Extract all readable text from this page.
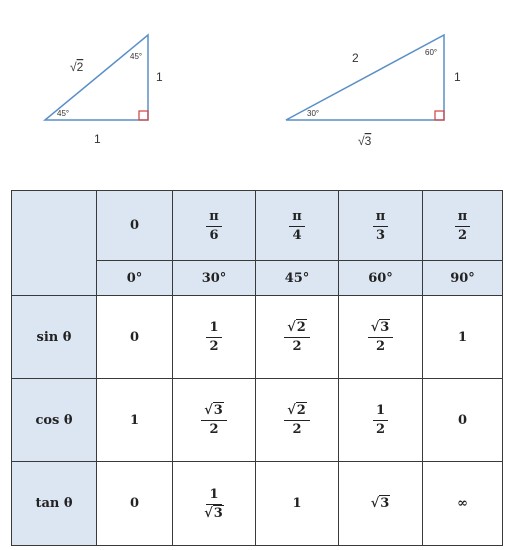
√2
1
1
45°
45°
2
1
√3
60°
30°
	0	$\frac{\pi}{6}$	$\frac{\pi}{4}$	$\frac{\pi}{3}$	$\frac{\pi}{2}$

	0°	30°	45°	60°	90°
sin θ	0	$\frac{1}{2}$	$\frac{√2}{2}$	$\frac{√3}{2}$	1
cos θ	1	$\frac{√3}{2}$	$\frac{√2}{2}$	$\frac{1}{2}$	0
tan θ	0	$\frac{1}{√3}$	1	√3	∞
